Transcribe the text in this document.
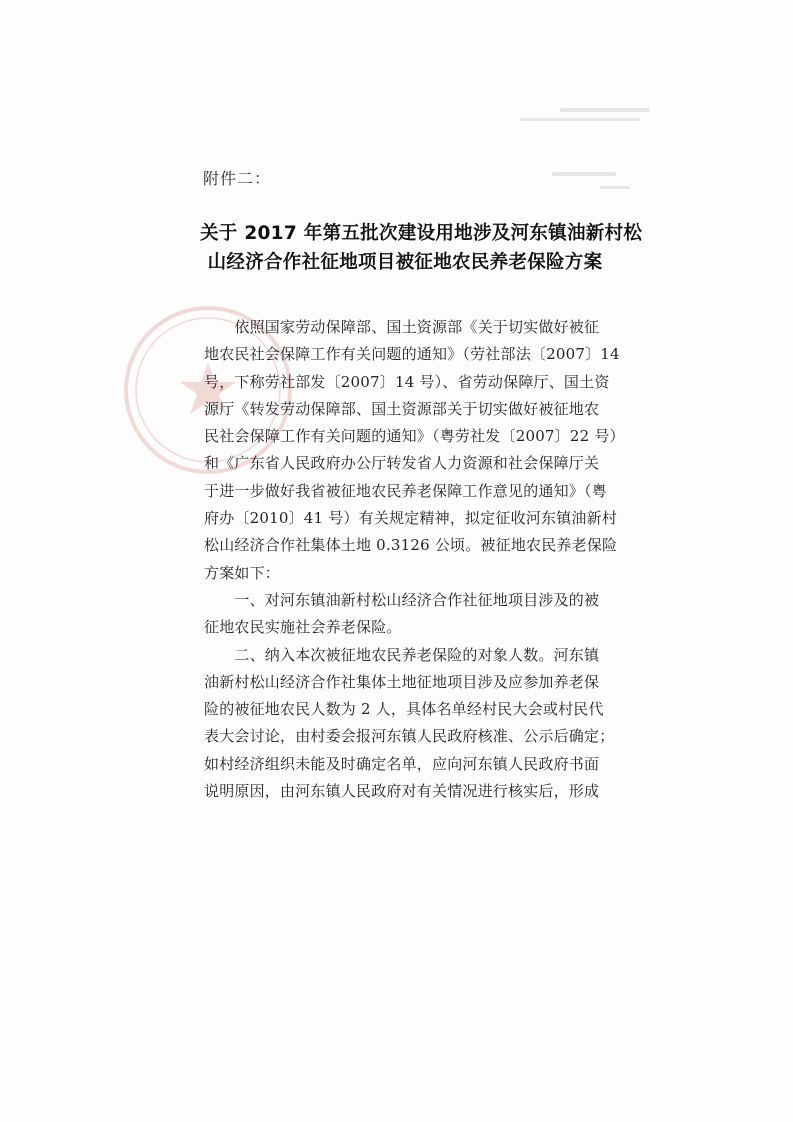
附件二：
关于 2017 年第五批次建设用地涉及河东镇油新村松
山经济合作社征地项目被征地农民养老保险方案
　　依照国家劳动保障部、国土资源部《关于切实做好被征
地农民社会保障工作有关问题的通知》（劳社部法〔2007〕14
号，下称劳社部发〔2007〕14 号）、省劳动保障厅、国土资
源厅《转发劳动保障部、国土资源部关于切实做好被征地农
民社会保障工作有关问题的通知》（粤劳社发〔2007〕22 号）
和《广东省人民政府办公厅转发省人力资源和社会保障厅关
于进一步做好我省被征地农民养老保障工作意见的通知》（粤
府办〔2010〕41 号）有关规定精神，拟定征收河东镇油新村
松山经济合作社集体土地 0.3126 公顷。被征地农民养老保险
方案如下：
　　一、对河东镇油新村松山经济合作社征地项目涉及的被
征地农民实施社会养老保险。
　　二、纳入本次被征地农民养老保险的对象人数。河东镇
油新村松山经济合作社集体土地征地项目涉及应参加养老保
险的被征地农民人数为 2 人，具体名单经村民大会或村民代
表大会讨论，由村委会报河东镇人民政府核准、公示后确定；
如村经济组织未能及时确定名单，应向河东镇人民政府书面
说明原因，由河东镇人民政府对有关情况进行核实后，形成
